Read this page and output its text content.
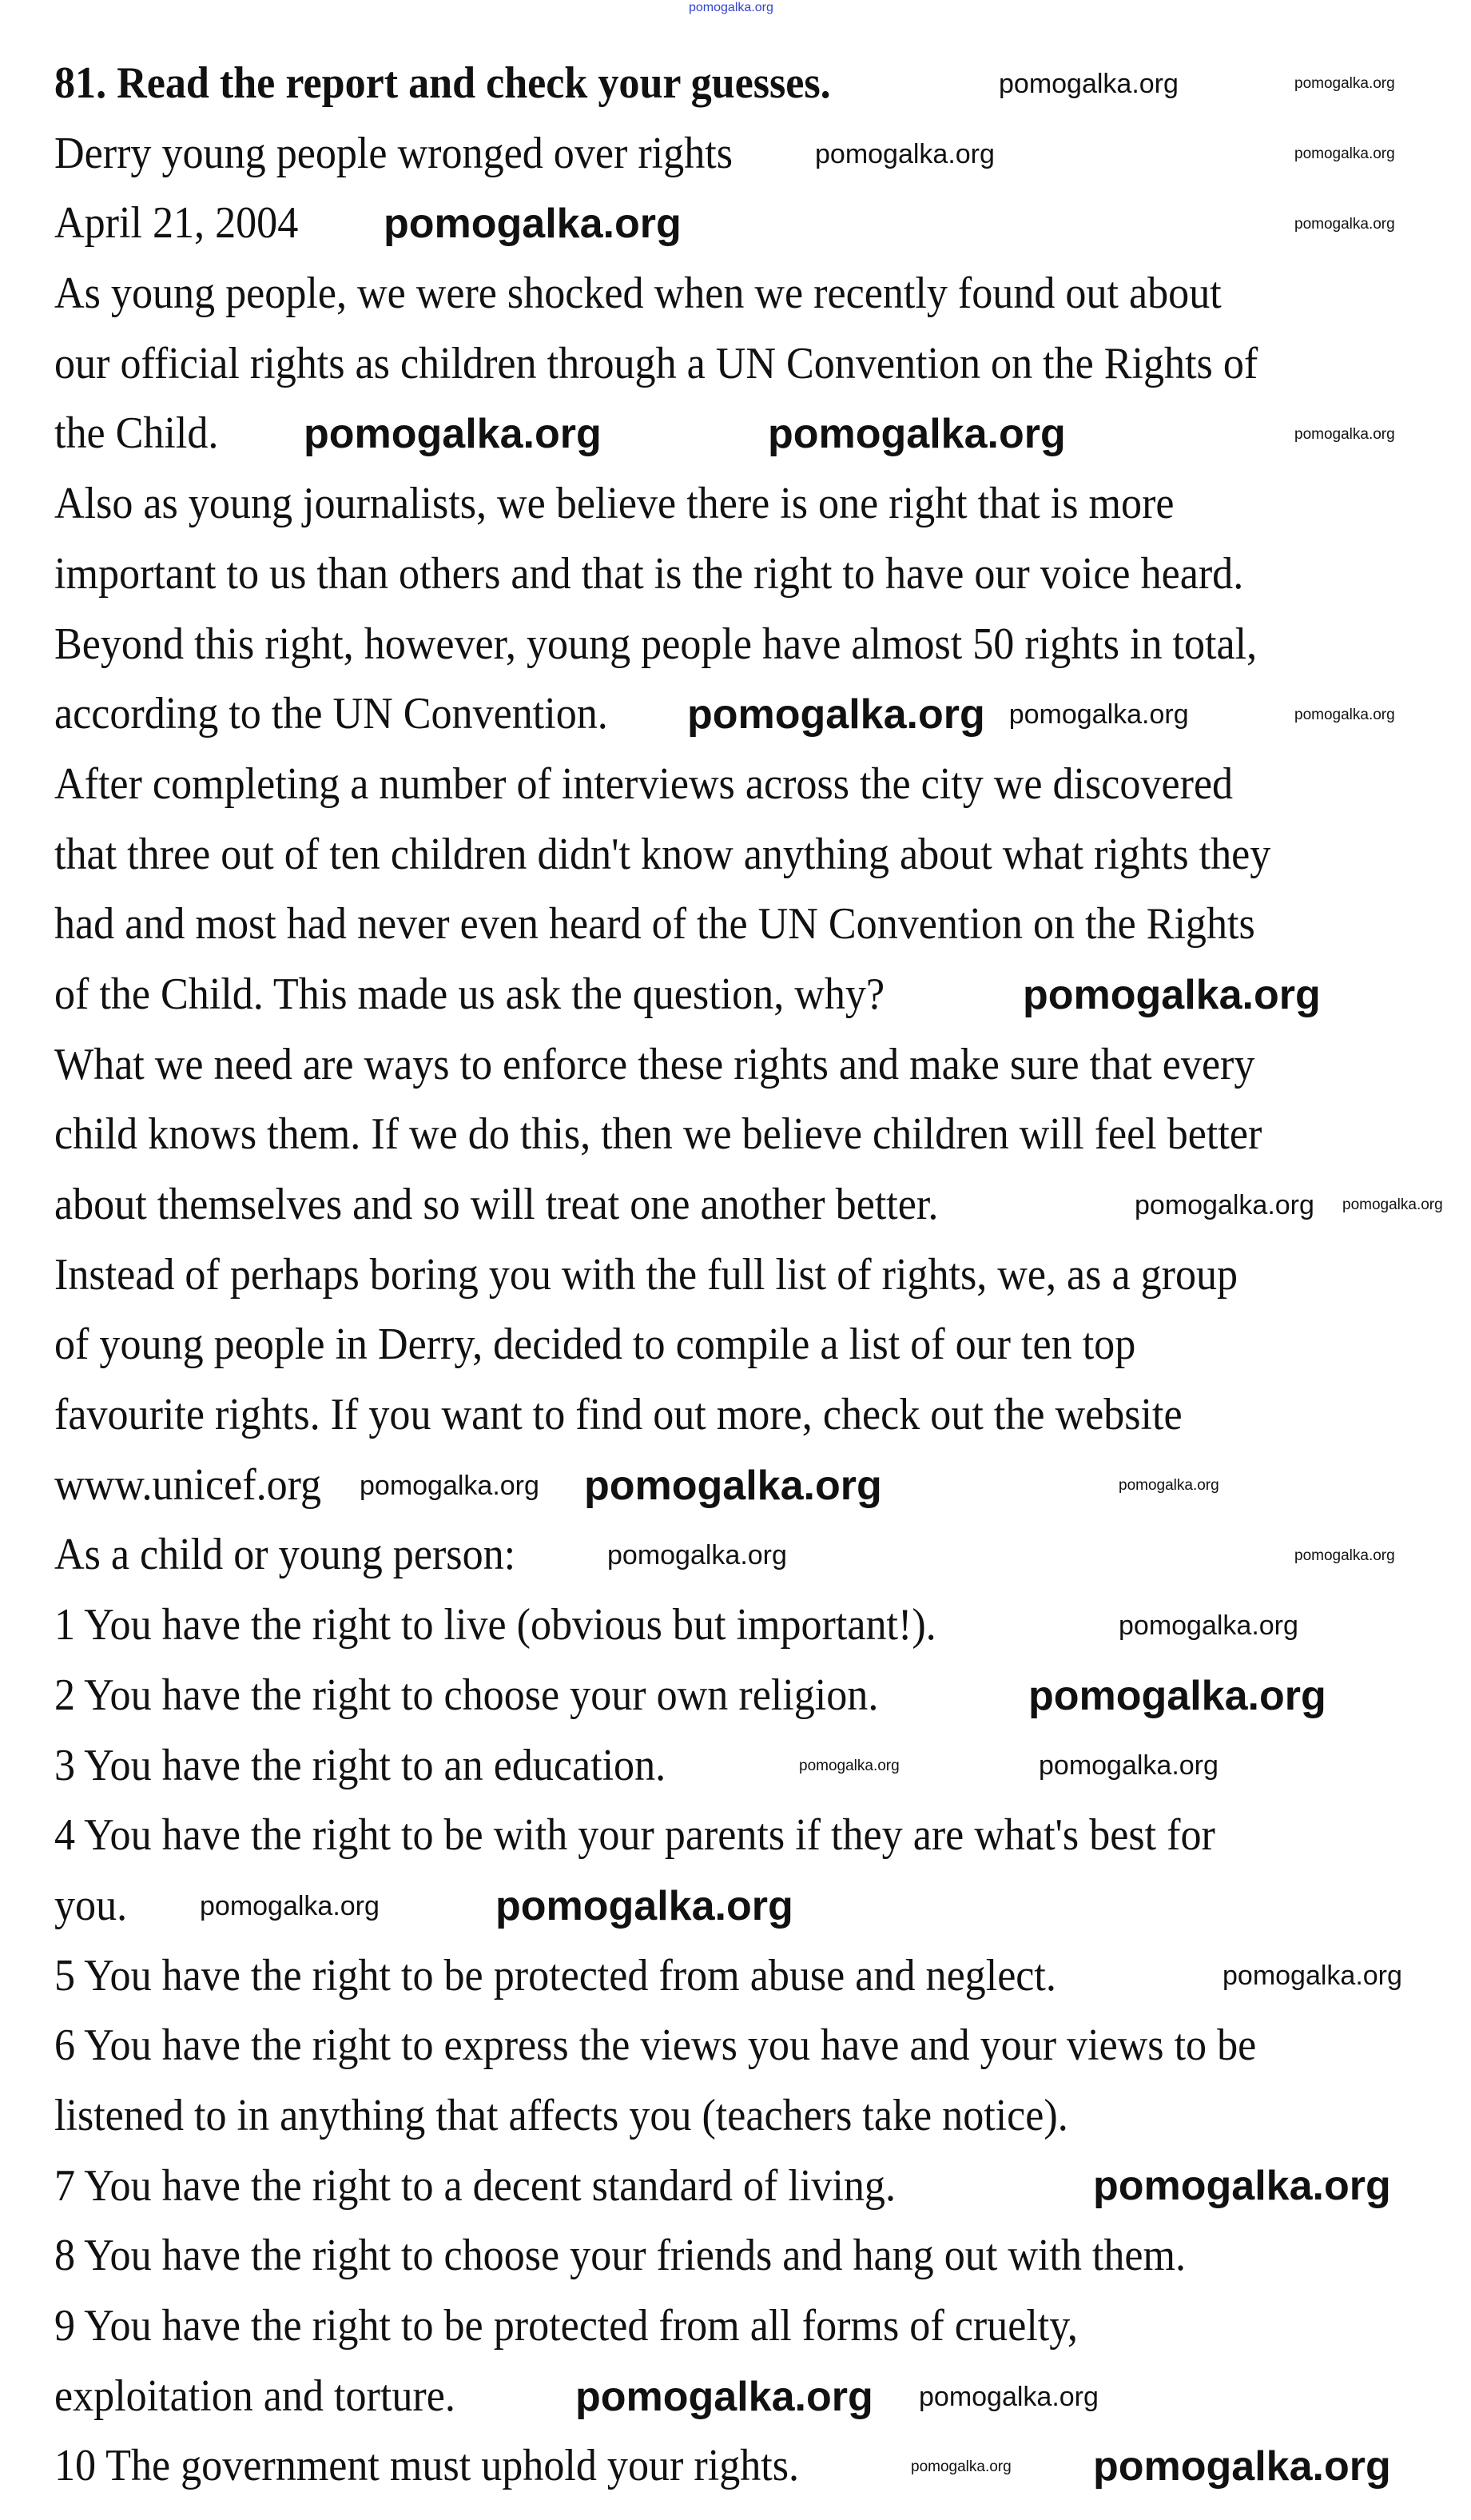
81. Read the report and check your guesses.
Derry young people wronged over rights
April 21, 2004
As young people, we were shocked when we recently found out about
our official rights as children through a UN Convention on the Rights of
the Child.
Also as young journalists, we believe there is one right that is more
important to us than others and that is the right to have our voice heard.
Beyond this right, however, young people have almost 50 rights in total,
according to the UN Convention.
After completing a number of interviews across the city we discovered
that three out of ten children didn't know anything about what rights they
had and most had never even heard of the UN Convention on the Rights
of the Child. This made us ask the question, why?
What we need are ways to enforce these rights and make sure that every
child knows them. If we do this, then we believe children will feel better
about themselves and so will treat one another better.
Instead of perhaps boring you with the full list of rights, we, as a group
of young people in Derry, decided to compile a list of our ten top
favourite rights. If you want to find out more, check out the website
www.unicef.org
As a child or young person:
1 You have the right to live (obvious but important!).
2 You have the right to choose your own religion.
3 You have the right to an education.
4 You have the right to be with your parents if they are what's best for
you.
5 You have the right to be protected from abuse and neglect.
6 You have the right to express the views you have and your views to be
listened to in anything that affects you (teachers take notice).
7 You have the right to a decent standard of living.
8 You have the right to choose your friends and hang out with them.
9 You have the right to be protected from all forms of cruelty,
exploitation and torture.
10 The government must uphold your rights.
pomogalka.org
pomogalka.org	pomogalka.org
pomogalka.org	pomogalka.org
pomogalka.org	pomogalka.org
pomogalka.org	pomogalka.org	pomogalka.org
pomogalka.org pomogalka.org	pomogalka.org
pomogalka.org
pomogalka.org pomogalka.org
pomogalka.org pomogalka.org	pomogalka.org
pomogalka.org	pomogalka.org
pomogalka.org
pomogalka.org
pomogalka.org	pomogalka.org
pomogalka.org	pomogalka.org
pomogalka.org
pomogalka.org
pomogalka.org pomogalka.org
pomogalka.org pomogalka.org
